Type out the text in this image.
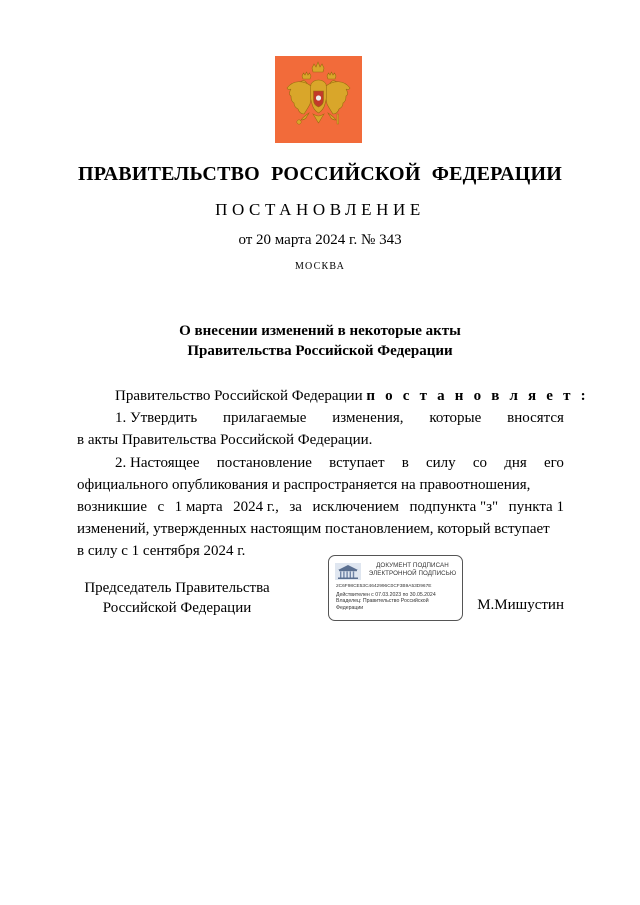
ПРАВИТЕЛЬСТВО РОССИЙСКОЙ ФЕДЕРАЦИИ
ПОСТАНОВЛЕНИЕ
от 20 марта 2024 г. № 343
МОСКВА
О внесении изменений в некоторые акты
Правительства Российской Федерации
Правительство Российской Федерации п о с т а н о в л я е т :
1. Утвердить прилагаемые изменения, которые вносятся
в акты Правительства Российской Федерации.
2. Настоящее постановление вступает в силу со дня его
официального опубликования и распространяется на правоотношения,
возникшие с 1 марта 2024 г., за исключением подпункта "з" пункта 1
изменений, утвержденных настоящим постановлением, который вступает
в силу с 1 сентября 2024 г.
Председатель Правительства
Российской Федерации
ДОКУМЕНТ ПОДПИСАН
ЭЛЕКТРОННОЙ ПОДПИСЬЮ
2C6F98CE53C4642996C0CF3B9A53D967E
Действителен с 07.03.2023 по 30.05.2024
Владелец: Правительство Российской
Федерации	М.Мишустин
